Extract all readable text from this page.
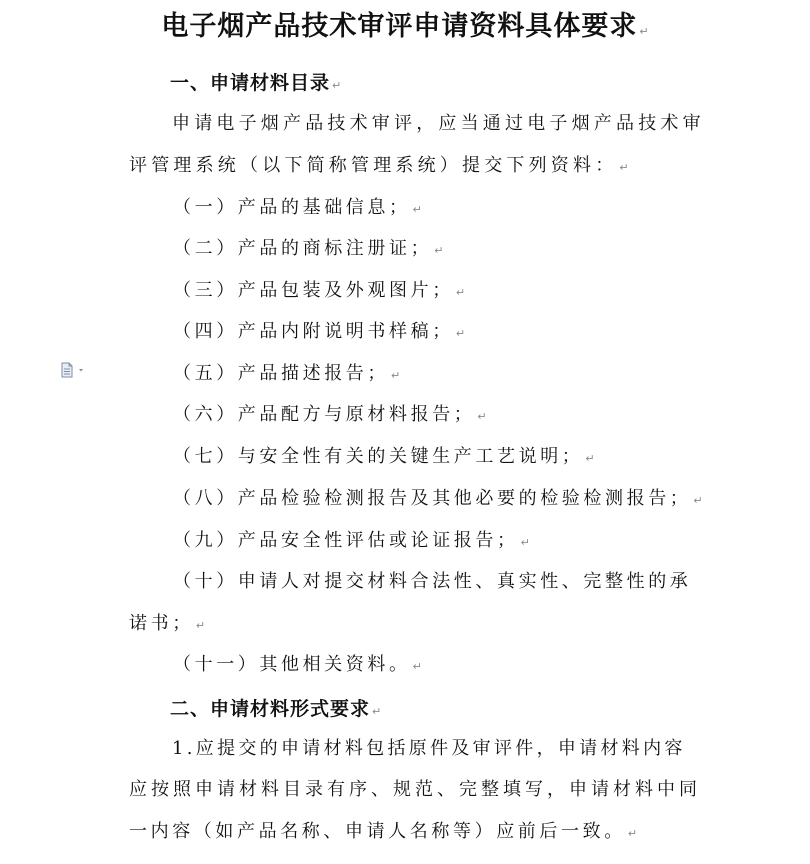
电子烟产品技术审评申请资料具体要求 ↵
一、申请材料目录 ↵
申请电子烟产品技术审评，应当通过电子烟产品技术审
评管理系统（以下简称管理系统）提交下列资料： ↵
（一）产品的基础信息； ↵
（二）产品的商标注册证； ↵
（三）产品包装及外观图片； ↵
（四）产品内附说明书样稿； ↵
（五）产品描述报告； ↵
（六）产品配方与原材料报告； ↵
（七）与安全性有关的关键生产工艺说明； ↵
（八）产品检验检测报告及其他必要的检验检测报告； ↵
（九）产品安全性评估或论证报告； ↵
（十）申请人对提交材料合法性、真实性、完整性的承
诺书； ↵
（十一）其他相关资料。 ↵
二、申请材料形式要求 ↵
1.应提交的申请材料包括原件及审评件，申请材料内容
应按照申请材料目录有序、规范、完整填写，申请材料中同
一内容（如产品名称、申请人名称等）应前后一致。 ↵
